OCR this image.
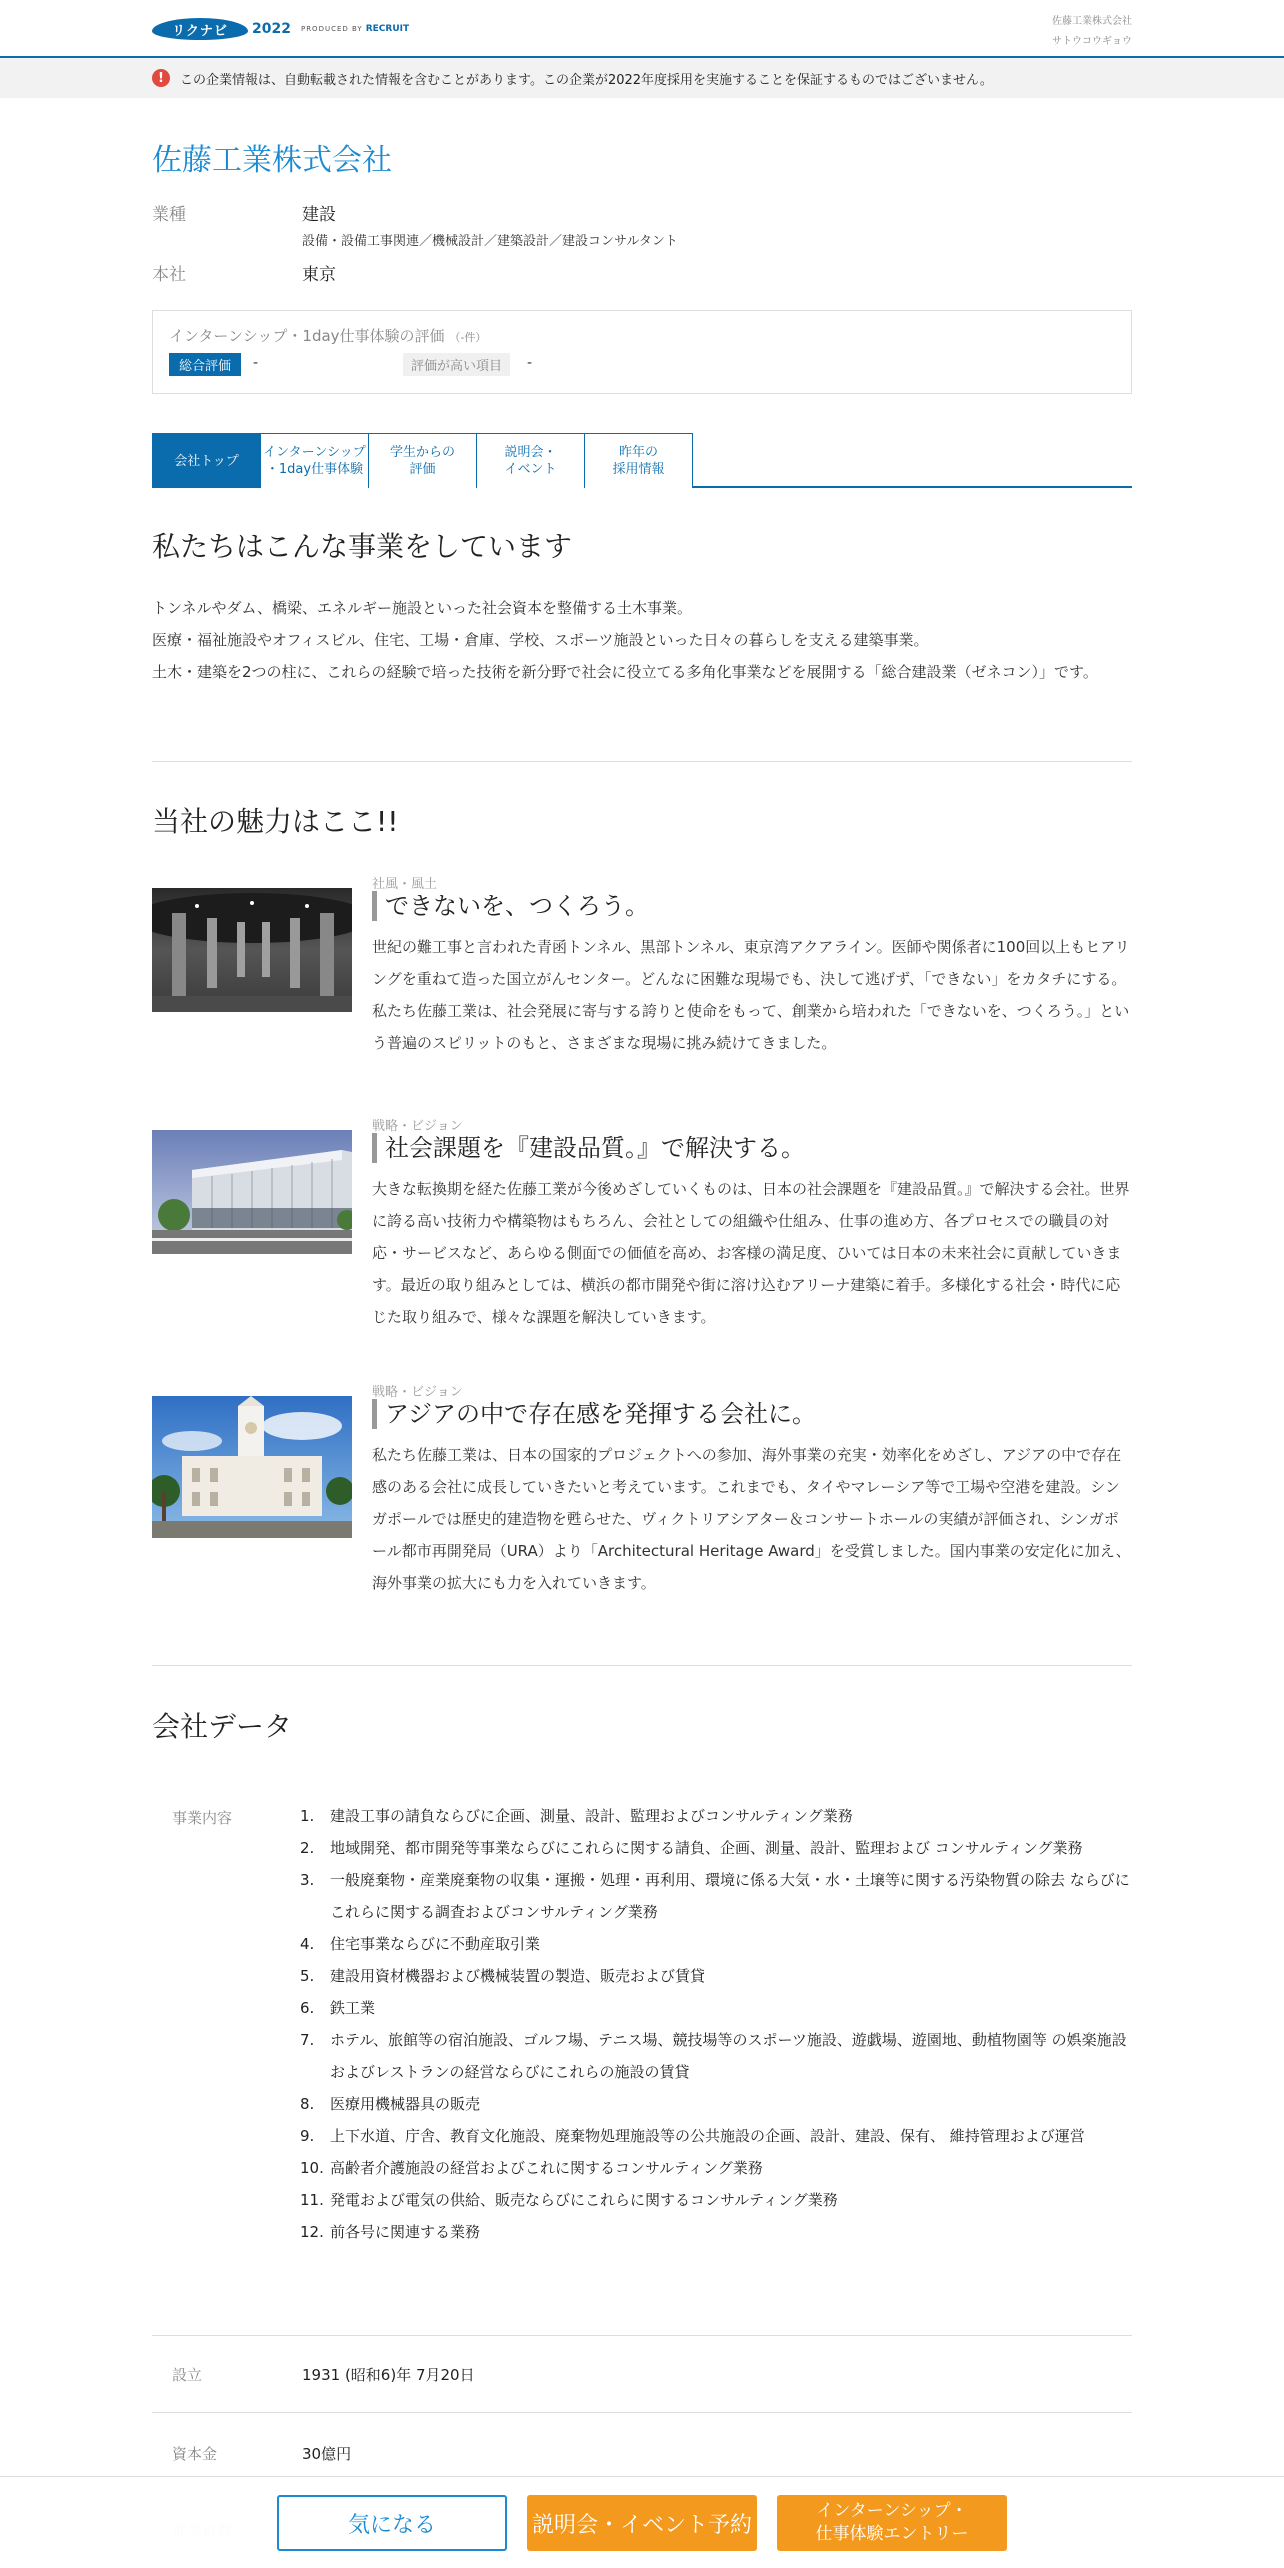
リクナビ	2022 PRODUCED BY RECRUIT
佐藤工業株式会社
サトウコウギョウ
!	この企業情報は、自動転載された情報を含むことがあります。この企業が2022年度採用を実施することを保証するものではございません。
佐藤工業株式会社
業種	建設
設備・設備工事関連／機械設計／建築設計／建設コンサルタント
本社	東京
インターンシップ・1day仕事体験の評価 （-件）
総合評価	-	評価が高い項目	-
会社トップ
インターンシップ
・1day仕事体験
学生からの
評価
説明会・
イベント
昨年の
採用情報
私たちはこんな事業をしています
トンネルやダム、橋梁、エネルギー施設といった社会資本を整備する土木事業。
医療・福祉施設やオフィスビル、住宅、工場・倉庫、学校、スポーツ施設といった日々の暮らしを支える建築事業。
土木・建築を2つの柱に、これらの経験で培った技術を新分野で社会に役立てる多角化事業などを展開する「総合建設業（ゼネコン）」です。
当社の魅力はここ!!
社風・風土
できないを、つくろう。
世紀の難工事と言われた青函トンネル、黒部トンネル、東京湾アクアライン。医師や関係者に100回以上もヒアリングを重ねて造った国立がんセンター。どんなに困難な現場でも、決して逃げず、「できない」をカタチにする。私たち佐藤工業は、社会発展に寄与する誇りと使命をもって、創業から培われた「できないを、つくろう。」という普遍のスピリットのもと、さまざまな現場に挑み続けてきました。
戦略・ビジョン
社会課題を『建設品質。』で解決する。
大きな転換期を経た佐藤工業が今後めざしていくものは、日本の社会課題を『建設品質。』で解決する会社。世界に誇る高い技術力や構築物はもちろん、会社としての組織や仕組み、仕事の進め方、各プロセスでの職員の対応・サービスなど、あらゆる側面での価値を高め、お客様の満足度、ひいては日本の未来社会に貢献していきます。最近の取り組みとしては、横浜の都市開発や街に溶け込むアリーナ建築に着手。多様化する社会・時代に応じた取り組みで、様々な課題を解決していきます。
戦略・ビジョン
アジアの中で存在感を発揮する会社に。
私たち佐藤工業は、日本の国家的プロジェクトへの参加、海外事業の充実・効率化をめざし、アジアの中で存在感のある会社に成長していきたいと考えています。これまでも、タイやマレーシア等で工場や空港を建設。シンガポールでは歴史的建造物を甦らせた、ヴィクトリアシアター＆コンサートホールの実績が評価され、シンガポール都市再開発局（URA）より「Architectural Heritage Award」を受賞しました。国内事業の安定化に加え、海外事業の拡大にも力を入れていきます。
会社データ
事業内容	1.	建設工事の請負ならびに企画、測量、設計、監理およびコンサルティング業務
2.	地域開発、都市開発等事業ならびにこれらに関する請負、企画、測量、設計、監理および コンサルティング業務
3.	一般廃棄物・産業廃棄物の収集・運搬・処理・再利用、環境に係る大気・水・土壌等に関する汚染物質の除去 ならびにこれらに関する調査およびコンサルティング業務
4.	住宅事業ならびに不動産取引業
5.	建設用資材機器および機械装置の製造、販売および賃貸
6.	鉄工業
7.	ホテル、旅館等の宿泊施設、ゴルフ場、テニス場、競技場等のスポーツ施設、遊戯場、遊園地、動植物園等 の娯楽施設およびレストランの経営ならびにこれらの施設の賃貸
8.	医療用機械器具の販売
9.	上下水道、庁舎、教育文化施設、廃棄物処理施設等の公共施設の企画、設計、建設、保有、 維持管理および運営
10. 高齢者介護施設の経営およびこれに関するコンサルティング業務
11. 発電および電気の供給、販売ならびにこれらに関するコンサルティング業務
12. 前各号に関連する業務
設立	1931 (昭和6)年 7月20日
資本金	30億円
気になる	説明会・イベント予約
インターンシップ・
仕事体験エントリー
